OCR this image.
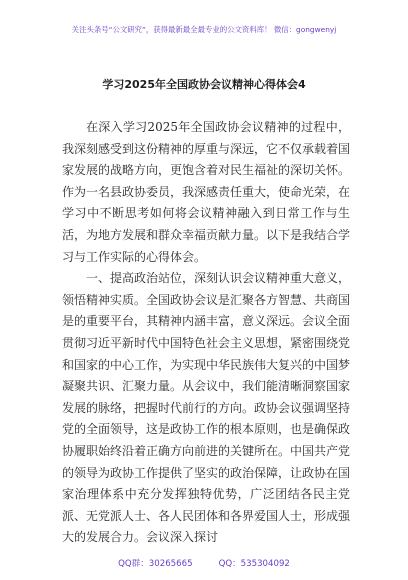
关注头条号“公文研究”，获得最新最全最专业的公文资料库！ 微信：gongwenyj
学习2025年全国政协会议精神心得体会4

在深入学习2025年全国政协会议精神的过程中，我深刻感受到这份精神的厚重与深远，它不仅承载着国家发展的战略方向，更饱含着对民生福祉的深切关怀。作为一名县政协委员，我深感责任重大，使命光荣，在学习中不断思考如何将会议精神融入到日常工作与生活，为地方发展和群众幸福贡献力量。以下是我结合学习与工作实际的心得体会。

一、提高政治站位，深刻认识会议精神重大意义，领悟精神实质。全国政协会议是汇聚各方智慧、共商国是的重要平台，其精神内涵丰富，意义深远。会议全面贯彻习近平新时代中国特色社会主义思想，紧密围绕党和国家的中心工作，为实现中华民族伟大复兴的中国梦凝聚共识、汇聚力量。从会议中，我们能清晰洞察国家发展的脉络，把握时代前行的方向。政协会议强调坚持党的全面领导，这是政协工作的根本原则，也是确保政协履职始终沿着正确方向前进的关键所在。中国共产党的领导为政协工作提供了坚实的政治保障，让政协在国家治理体系中充分发挥独特优势，广泛团结各民主党派、无党派人士、各人民团体和各界爱国人士，形成强大的发展合力。会议深入探讨

QQ群：30265665	QQ：535304092
